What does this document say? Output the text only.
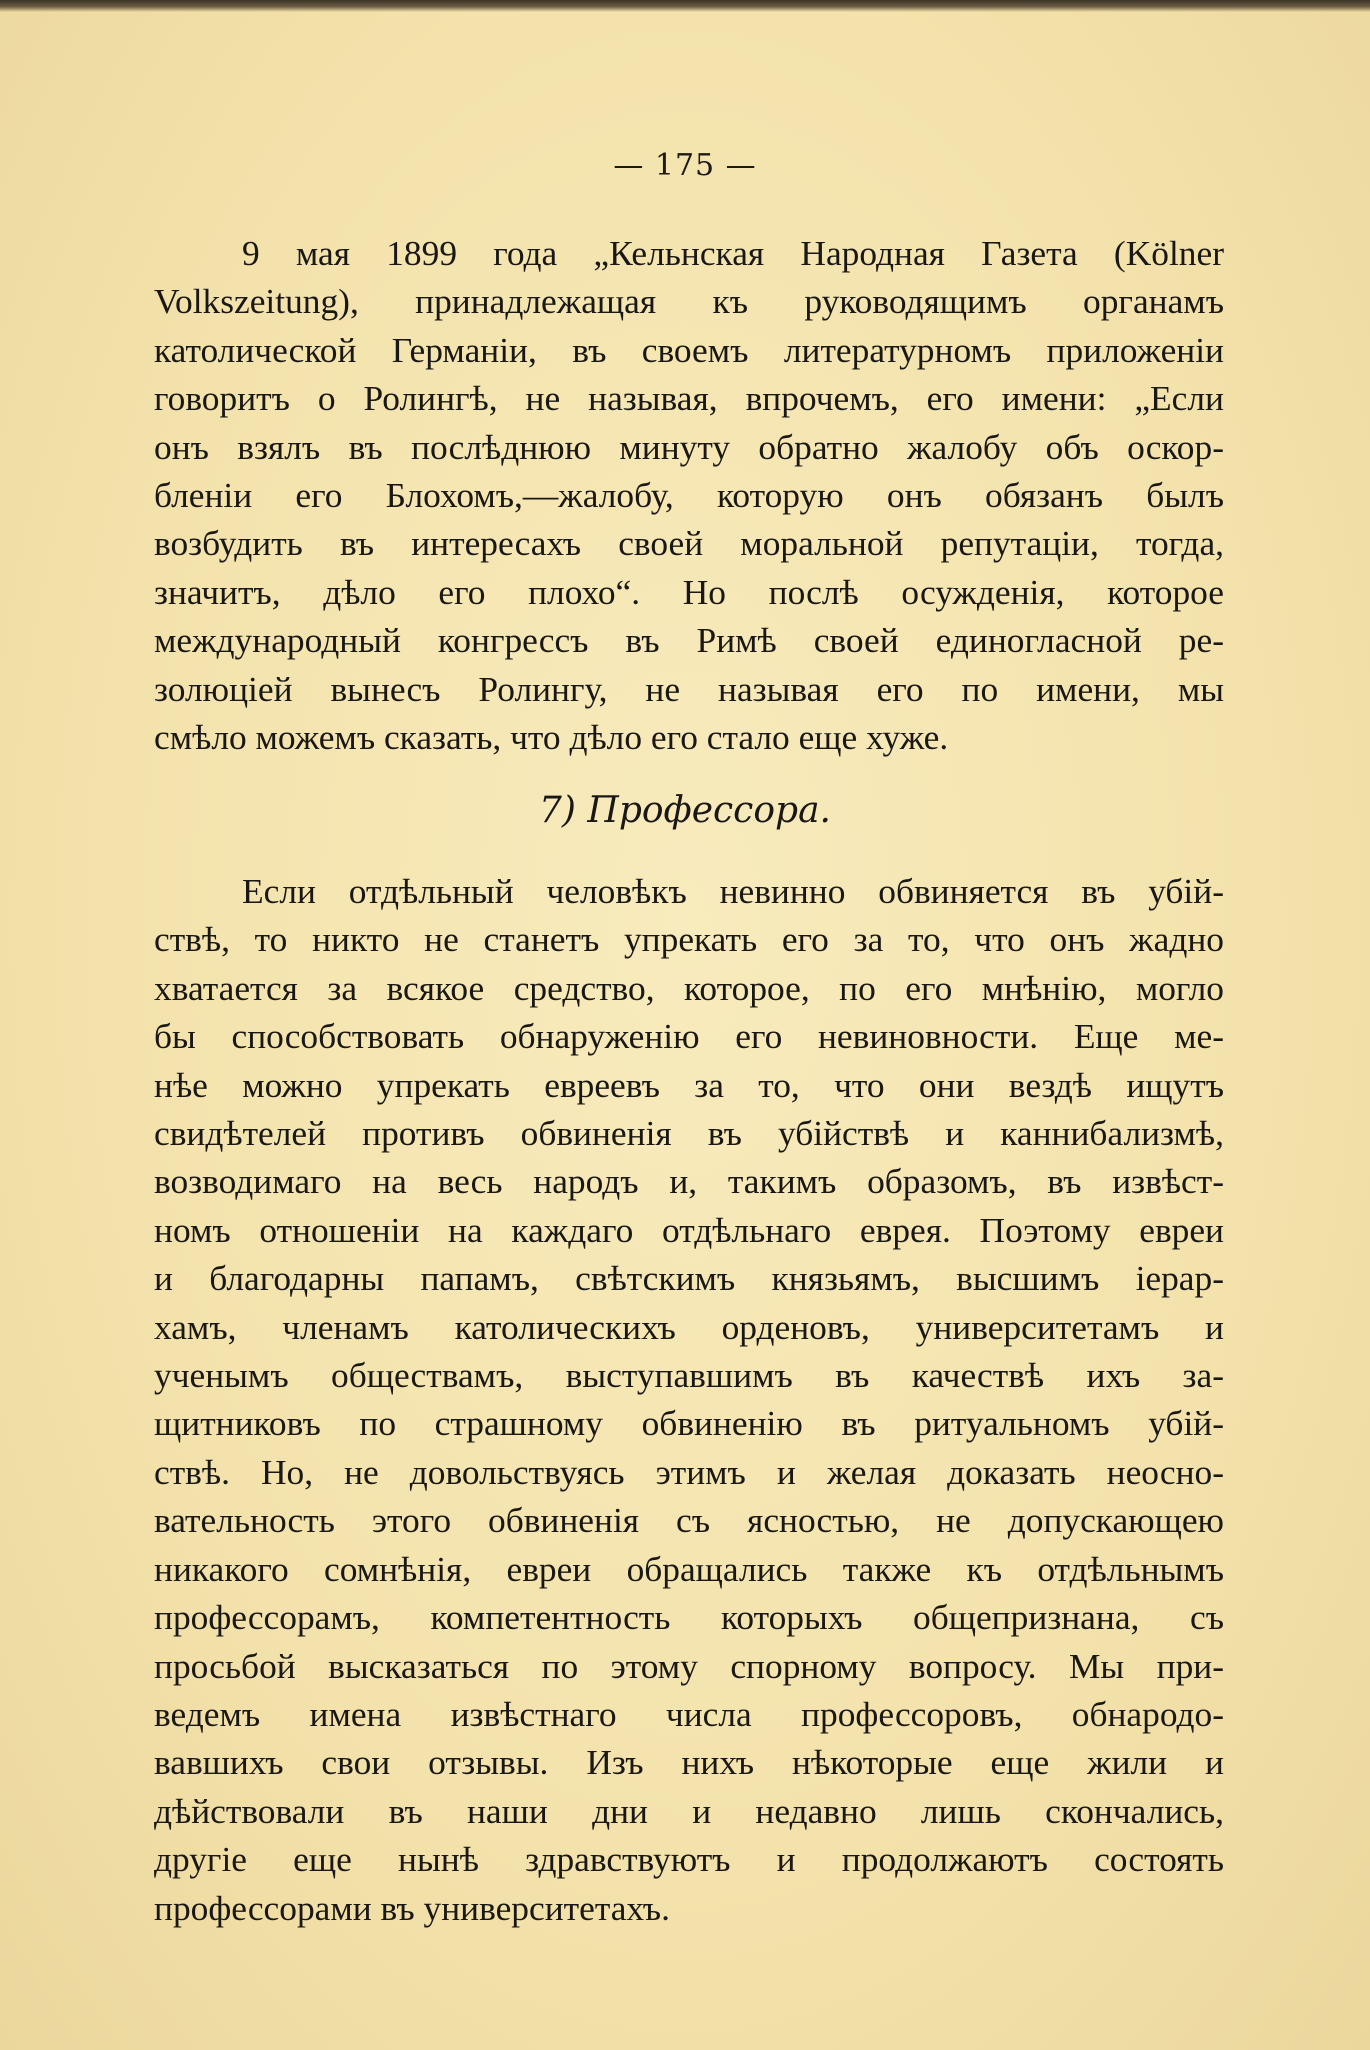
— 175 —
9 мая 1899 года „Кельнская Народная Газета (Kölner
Volkszeitung), принадлежащая къ руководящимъ органамъ
католической Германіи, въ своемъ литературномъ приложеніи
говоритъ о Ролингѣ, не называя, впрочемъ, его имени: „Если
онъ взялъ въ послѣднюю минуту обратно жалобу объ оскор-
бленіи его Блохомъ,—жалобу, которую онъ обязанъ былъ
возбудить въ интересахъ своей моральной репутаціи, тогда,
значитъ, дѣло его плохо“. Но послѣ осужденія, которое
международный конгрессъ въ Римѣ своей единогласной ре-
золюціей вынесъ Ролингу, не называя его по имени, мы
смѣло можемъ сказать, что дѣло его стало еще хуже.
7) Профессора.
Если отдѣльный человѣкъ невинно обвиняется въ убій-
ствѣ, то никто не станетъ упрекать его за то, что онъ жадно
хватается за всякое средство, которое, по его мнѣнію, могло
бы способствовать обнаруженію его невиновности. Еще ме-
нѣе можно упрекать евреевъ за то, что они вездѣ ищутъ
свидѣтелей противъ обвиненія въ убійствѣ и каннибализмѣ,
возводимаго на весь народъ и, такимъ образомъ, въ извѣст-
номъ отношеніи на каждаго отдѣльнаго еврея. Поэтому евреи
и благодарны папамъ, свѣтскимъ князьямъ, высшимъ іерар-
хамъ, членамъ католическихъ орденовъ, университетамъ и
ученымъ обществамъ, выступавшимъ въ качествѣ ихъ за-
щитниковъ по страшному обвиненію въ ритуальномъ убій-
ствѣ. Но, не довольствуясь этимъ и желая доказать неосно-
вательность этого обвиненія съ ясностью, не допускающею
никакого сомнѣнія, евреи обращались также къ отдѣльнымъ
профессорамъ, компетентность которыхъ общепризнана, съ
просьбой высказаться по этому спорному вопросу. Мы при-
ведемъ имена извѣстнаго числа профессоровъ, обнародо-
вавшихъ свои отзывы. Изъ нихъ нѣкоторые еще жили и
дѣйствовали въ наши дни и недавно лишь скончались,
другіе еще нынѣ здравствуютъ и продолжаютъ состоять
профессорами въ университетахъ.
